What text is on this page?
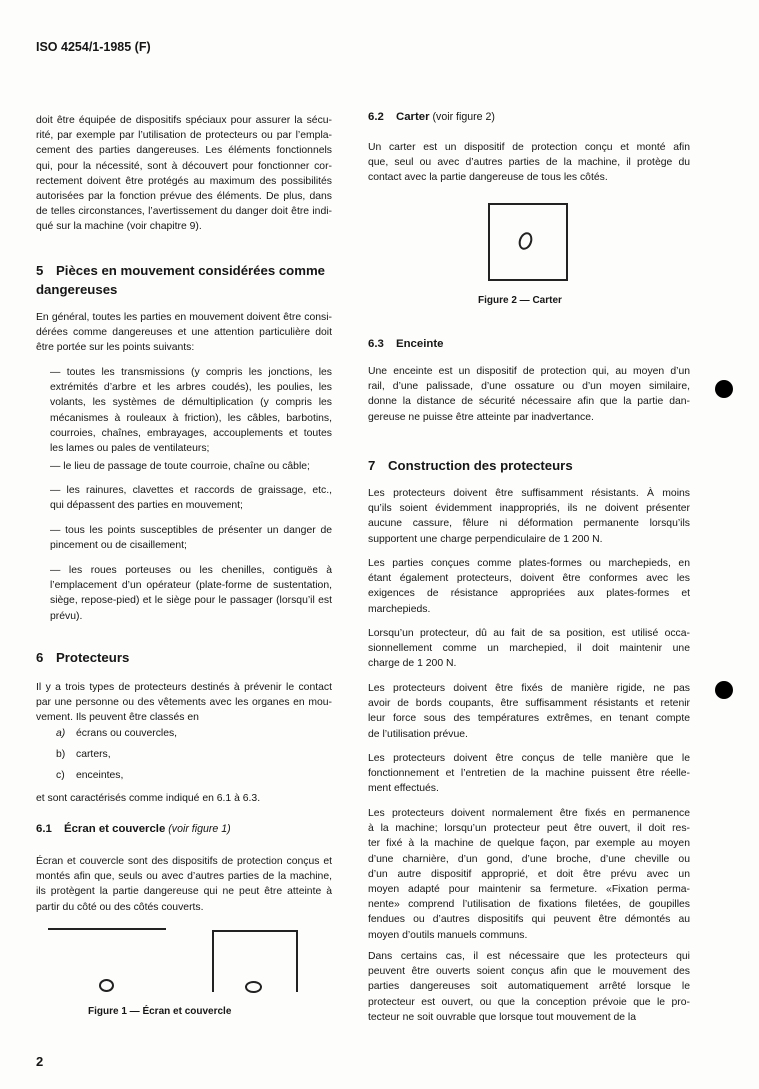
ISO 4254/1-1985 (F)
doit être équipée de dispositifs spéciaux pour assurer la sécu-
rité, par exemple par l’utilisation de protecteurs ou par l’empla-
cement des parties dangereuses. Les éléments fonctionnels
qui, pour la nécessité, sont à découvert pour fonctionner cor-
rectement doivent être protégés au maximum des possibilités
autorisées par la fonction prévue des éléments. De plus, dans
de telles circonstances, l’avertissement du danger doit être indi-
qué sur la machine (voir chapitre 9).
5 Pièces en mouvement considérées comme
dangereuses
En général, toutes les parties en mouvement doivent être consi-
dérées comme dangereuses et une attention particulière doit
être portée sur les points suivants:
— toutes les transmissions (y compris les jonctions, les
extrémités d’arbre et les arbres coudés), les poulies, les
volants, les systèmes de démultiplication (y compris les
mécanismes à rouleaux à friction), les câbles, barbotins,
courroies, chaînes, embrayages, accouplements et toutes
les lames ou pales de ventilateurs;
— le lieu de passage de toute courroie, chaîne ou câble;
— les rainures, clavettes et raccords de graissage, etc.,
qui dépassent des parties en mouvement;
— tous les points susceptibles de présenter un danger de
pincement ou de cisaillement;
— les roues porteuses ou les chenilles, contiguës à
l’emplacement d’un opérateur (plate-forme de sustentation,
siège, repose-pied) et le siège pour le passager (lorsqu’il est
prévu).
6 Protecteurs
Il y a trois types de protecteurs destinés à prévenir le contact
par une personne ou des vêtements avec les organes en mou-
vement. Ils peuvent être classés en
a) écrans ou couvercles,
b) carters,
c) enceintes,
et sont caractérisés comme indiqué en 6.1 à 6.3.
6.1 Écran et couvercle (voir figure 1)
Écran et couvercle sont des dispositifs de protection conçus et
montés afin que, seuls ou avec d’autres parties de la machine,
ils protègent la partie dangereuse qui ne peut être atteinte à
partir du côté ou des côtés couverts.
Figure 1 — Écran et couvercle
6.2 Carter (voir figure 2)
Un carter est un dispositif de protection conçu et monté afin
que, seul ou avec d’autres parties de la machine, il protège du
contact avec la partie dangereuse de tous les côtés.
Figure 2 — Carter
6.3 Enceinte
Une enceinte est un dispositif de protection qui, au moyen d’un
rail, d’une palissade, d’une ossature ou d’un moyen similaire,
donne la distance de sécurité nécessaire afin que la partie dan-
gereuse ne puisse être atteinte par inadvertance.
7 Construction des protecteurs
Les protecteurs doivent être suffisamment résistants. À moins
qu’ils soient évidemment inappropriés, ils ne doivent présenter
aucune cassure, fêlure ni déformation permanente lorsqu’ils
supportent une charge perpendiculaire de 1 200 N.
Les parties conçues comme plates-formes ou marchepieds, en
étant également protecteurs, doivent être conformes avec les
exigences de résistance appropriées aux plates-formes et
marchepieds.
Lorsqu’un protecteur, dû au fait de sa position, est utilisé occa-
sionnellement comme un marchepied, il doit maintenir une
charge de 1 200 N.
Les protecteurs doivent être fixés de manière rigide, ne pas
avoir de bords coupants, être suffisamment résistants et retenir
leur force sous des températures extrêmes, en tenant compte
de l’utilisation prévue.
Les protecteurs doivent être conçus de telle manière que le
fonctionnement et l’entretien de la machine puissent être réelle-
ment effectués.
Les protecteurs doivent normalement être fixés en permanence
à la machine; lorsqu’un protecteur peut être ouvert, il doit res-
ter fixé à la machine de quelque façon, par exemple au moyen
d’une charnière, d’un gond, d’une broche, d’une cheville ou
d’un autre dispositif approprié, et doit être prévu avec un
moyen adapté pour maintenir sa fermeture. «Fixation perma-
nente» comprend l’utilisation de fixations filetées, de goupilles
fendues ou d’autres dispositifs qui peuvent être démontés au
moyen d’outils manuels communs.
Dans certains cas, il est nécessaire que les protecteurs qui
peuvent être ouverts soient conçus afin que le mouvement des
parties dangereuses soit automatiquement arrêté lorsque le
protecteur est ouvert, ou que la conception prévoie que le pro-
tecteur ne soit ouvrable que lorsque tout mouvement de la
2
